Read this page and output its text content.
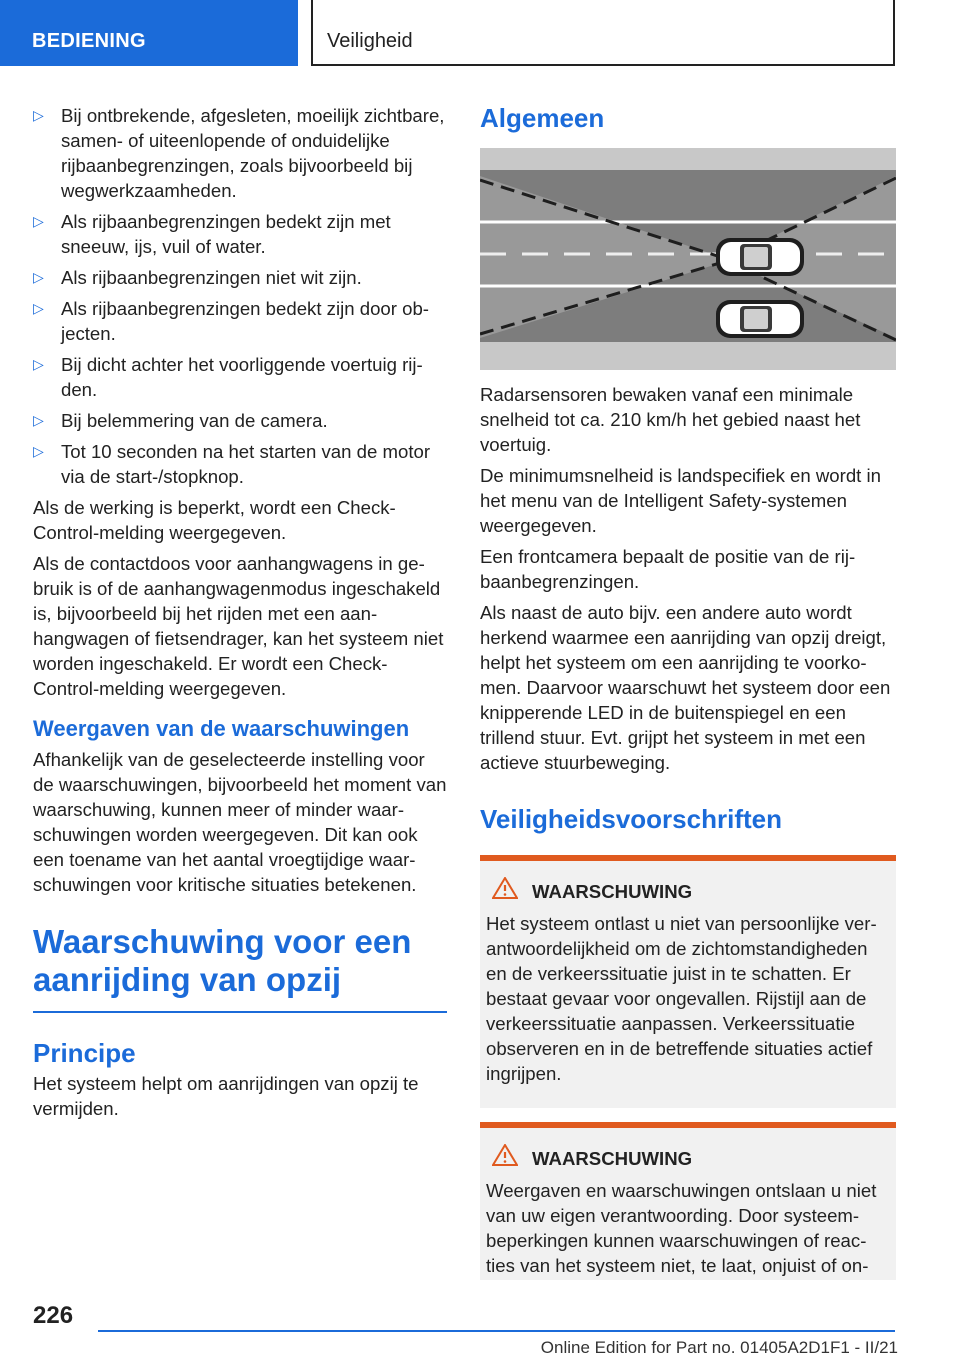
BEDIENING	Veiligheid
▷ Bij ontbrekende, afgesleten, moeilijk zichtbare, samen- of uiteenlopende of onduidelijke rijbaanbegrenzingen, zoals bijvoorbeeld bij wegwerkzaamheden.
▷ Als rijbaanbegrenzingen bedekt zijn met sneeuw, ijs, vuil of water.
▷ Als rijbaanbegrenzingen niet wit zijn.
▷ Als rijbaanbegrenzingen bedekt zijn door objecten.
▷ Bij dicht achter het voorliggende voertuig rijden.
▷ Bij belemmering van de camera.
▷ Tot 10 seconden na het starten van de motor via de start-/stopknop.

Als de werking is beperkt, wordt een Check-Control-melding weergegeven.

Als de contactdoos voor aanhangwagens in gebruik is of de aanhangwagenmodus ingeschakeld is, bijvoorbeeld bij het rijden met een aanhangwagen of fietsendrager, kan het systeem niet worden ingeschakeld. Er wordt een Check-Control-melding weergegeven.

Weergaven van de waarschuwingen

Afhankelijk van de geselecteerde instelling voor de waarschuwingen, bijvoorbeeld het moment van waarschuwing, kunnen meer of minder waarschuwingen worden weergegeven. Dit kan ook een toename van het aantal vroegtijdige waarschuwingen voor kritische situaties betekenen.

Waarschuwing voor een aanrijding van opzij
Principe

Het systeem helpt om aanrijdingen van opzij te vermijden.

Algemeen

Radarsensoren bewaken vanaf een minimale snelheid tot ca. 210 km/h het gebied naast het voertuig.

De minimumsnelheid is landspecifiek en wordt in het menu van de Intelligent Safety-systemen weergegeven.

Een frontcamera bepaalt de positie van de rijbaanbegrenzingen.

Als naast de auto bijv. een andere auto wordt herkend waarmee een aanrijding van opzij dreigt, helpt het systeem om een aanrijding te voorkomen. Daarvoor waarschuwt het systeem door een knipperende LED in de buitenspiegel en een trillend stuur. Evt. grijpt het systeem in met een actieve stuurbeweging.

Veiligheidsvoorschriften
WAARSCHUWING

Het systeem ontlast u niet van persoonlijke verantwoordelijkheid om de zichtomstandigheden en de verkeerssituatie juist in te schatten. Er bestaat gevaar voor ongevallen. Rijstijl aan de verkeerssituatie aanpassen. Verkeerssituatie observeren en in de betreffende situaties actief ingrijpen.

WAARSCHUWING

Weergaven en waarschuwingen ontslaan u niet van uw eigen verantwoording. Door systeembeperkingen kunnen waarschuwingen of reacties van het systeem niet, te laat, onjuist of on-

226
Online Edition for Part no. 01405A2D1F1 - II/21
